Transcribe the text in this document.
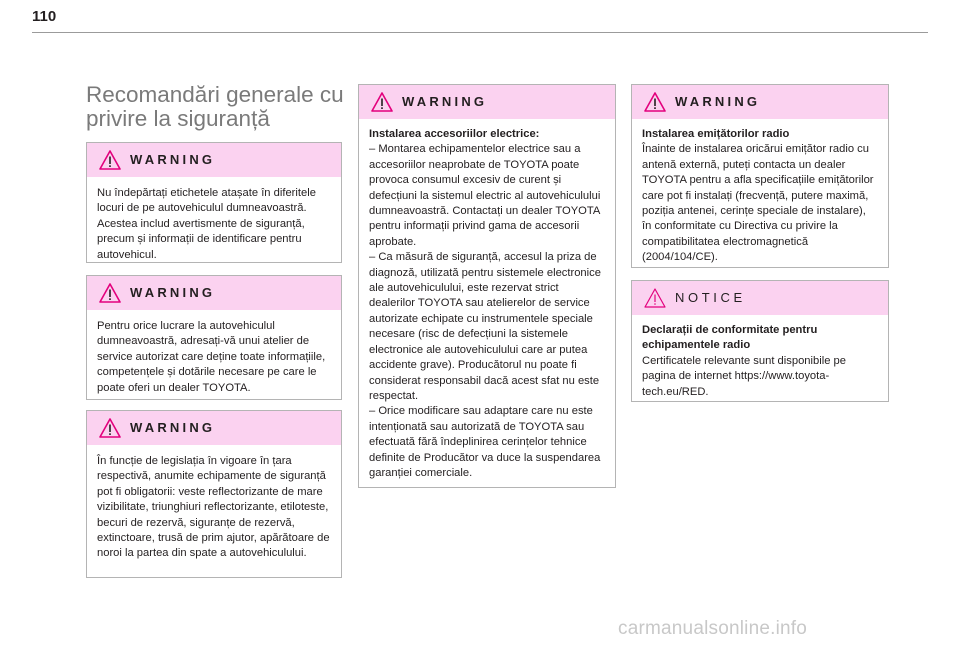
110
Recomandări generale cu privire la siguranță
WARNING

Nu îndepărtați etichetele atașate în diferitele locuri de pe autovehiculul dumneavoastră. Acestea includ avertismente de siguranță, precum și informații de identificare pentru autovehicul.

WARNING

Pentru orice lucrare la autovehiculul dumneavoastră, adresați-vă unui atelier de service autorizat care deține toate informațiile, competențele și dotările necesare pe care le poate oferi un dealer TOYOTA.

WARNING

În funcție de legislația în vigoare în țara respectivă, anumite echipamente de siguranță pot fi obligatorii: veste reflectorizante de mare vizibilitate, triunghiuri reflectorizante, etiloteste, becuri de rezervă, siguranțe de rezervă, extinctoare, trusă de prim ajutor, apărătoare de noroi la partea din spate a autovehiculului.

WARNING

Instalarea accesoriilor electrice:

– Montarea echipamentelor electrice sau a accesoriilor neaprobate de TOYOTA poate provoca consumul excesiv de curent și defecțiuni la sistemul electric al autovehiculului dumneavoastră. Contactați un dealer TOYOTA pentru informații privind gama de accesorii aprobate.

– Ca măsură de siguranță, accesul la priza de diagnoză, utilizată pentru sistemele electronice ale autovehiculului, este rezervat strict dealerilor TOYOTA sau atelierelor de service autorizate echipate cu instrumentele speciale necesare (risc de defecțiuni la sistemele electronice ale autovehiculului care ar putea accidente grave). Producătorul nu poate fi considerat responsabil dacă acest sfat nu este respectat.

– Orice modificare sau adaptare care nu este intenționată sau autorizată de TOYOTA sau efectuată fără îndeplinirea cerințelor tehnice definite de Producător va duce la suspendarea garanției comerciale.

WARNING

Instalarea emițătorilor radio

Înainte de instalarea oricărui emițător radio cu antenă externă, puteți contacta un dealer TOYOTA pentru a afla specificațiile emițătorilor care pot fi instalați (frecvență, putere maximă, poziția antenei, cerințe speciale de instalare), în conformitate cu Directiva cu privire la compatibilitatea electromagnetică (2004/104/CE).

NOTICE

Declarații de conformitate pentru echipamentele radio

Certificatele relevante sunt disponibile pe pagina de internet https://www.toyota-tech.eu/RED.

carmanualsonline.info
